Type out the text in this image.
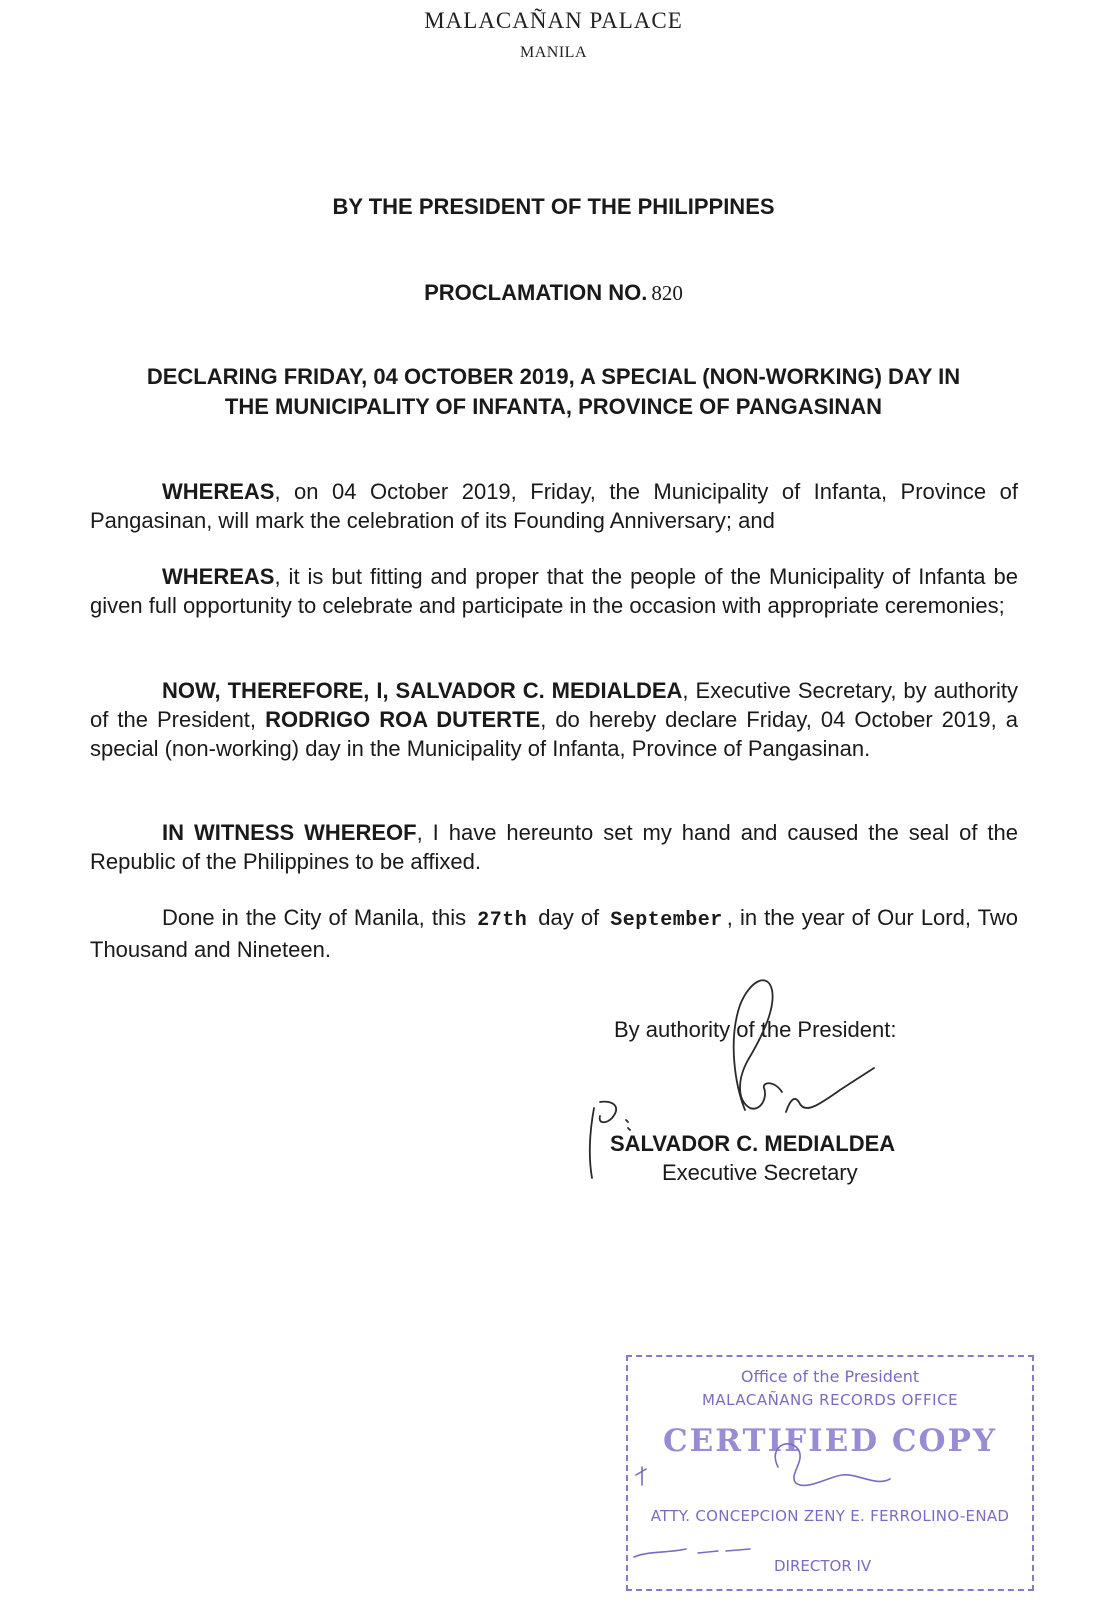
MALACAÑAN PALACE
MANILA
BY THE PRESIDENT OF THE PHILIPPINES
PROCLAMATION NO. 820
DECLARING FRIDAY, 04 OCTOBER 2019, A SPECIAL (NON-WORKING) DAY IN
THE MUNICIPALITY OF INFANTA, PROVINCE OF PANGASINAN
WHEREAS, on 04 October 2019, Friday, the Municipality of Infanta, Province of Pangasinan, will mark the celebration of its Founding Anniversary; and
WHEREAS, it is but fitting and proper that the people of the Municipality of Infanta be given full opportunity to celebrate and participate in the occasion with appropriate ceremonies;
NOW, THEREFORE, I, SALVADOR C. MEDIALDEA, Executive Secretary, by authority of the President, RODRIGO ROA DUTERTE, do hereby declare Friday, 04 October 2019, a special (non-working) day in the Municipality of Infanta, Province of Pangasinan.
IN WITNESS WHEREOF, I have hereunto set my hand and caused the seal of the Republic of the Philippines to be affixed.
Done in the City of Manila, this 27th day of September , in the year of Our Lord, Two Thousand and Nineteen.
By authority of the President:
SALVADOR C. MEDIALDEA
Executive Secretary
Office of the President
MALACAÑANG RECORDS OFFICE
CERTIFIED COPY
ATTY. CONCEPCION ZENY E. FERROLINO-ENAD
DIRECTOR IV
